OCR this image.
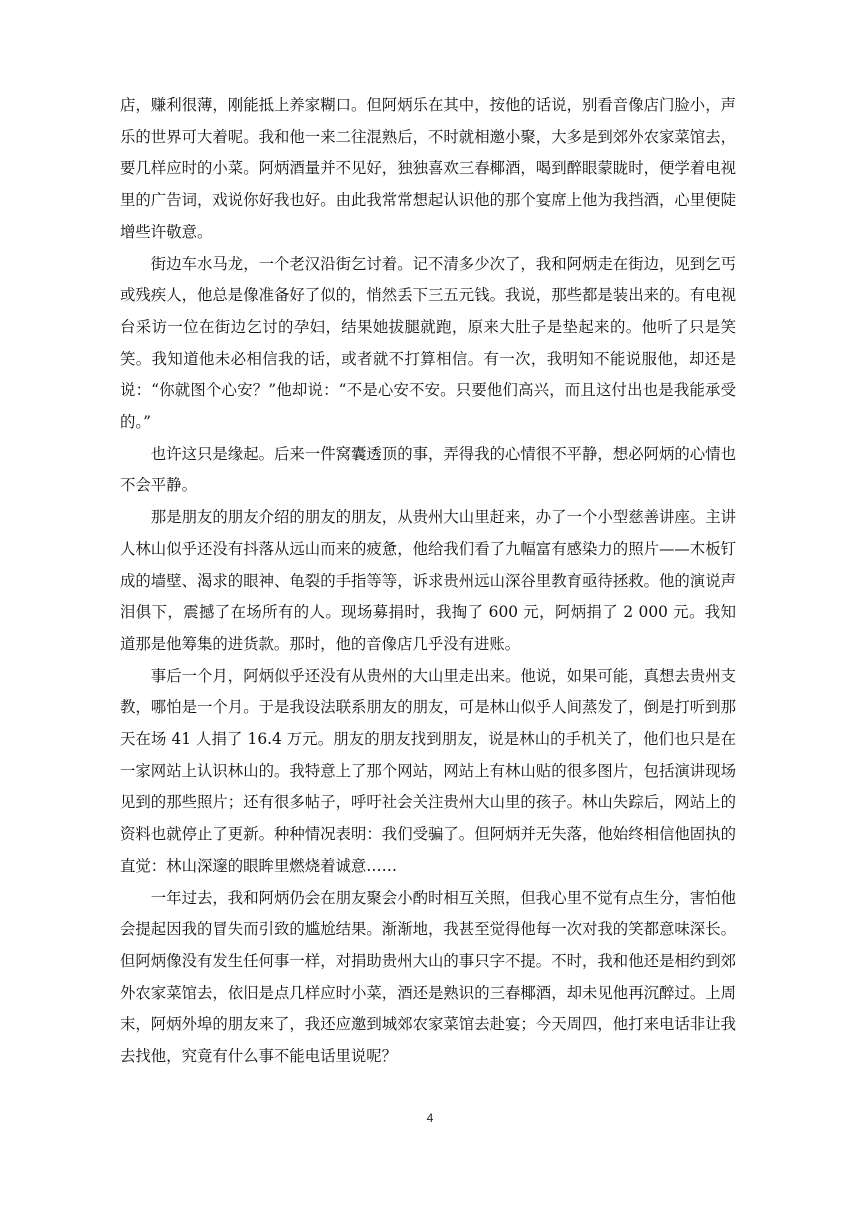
店，赚利很薄，刚能抵上养家糊口。但阿炳乐在其中，按他的话说，别看音像店门脸小，声乐的世界可大着呢。我和他一来二往混熟后，不时就相邀小聚，大多是到郊外农家菜馆去，要几样应时的小菜。阿炳酒量并不见好，独独喜欢三春椰酒，喝到醉眼蒙眬时，便学着电视里的广告词，戏说你好我也好。由此我常常想起认识他的那个宴席上他为我挡酒，心里便陡增些许敬意。

街边车水马龙，一个老汉沿街乞讨着。记不清多少次了，我和阿炳走在街边，见到乞丐或残疾人，他总是像准备好了似的，悄然丢下三五元钱。我说，那些都是装出来的。有电视台采访一位在街边乞讨的孕妇，结果她拔腿就跑，原来大肚子是垫起来的。他听了只是笑笑。我知道他未必相信我的话，或者就不打算相信。有一次，我明知不能说服他，却还是说：“你就图个心安？”他却说：“不是心安不安。只要他们高兴，而且这付出也是我能承受的。”

也许这只是缘起。后来一件窝囊透顶的事，弄得我的心情很不平静，想必阿炳的心情也不会平静。

那是朋友的朋友介绍的朋友的朋友，从贵州大山里赶来，办了一个小型慈善讲座。主讲人林山似乎还没有抖落从远山而来的疲惫，他给我们看了九幅富有感染力的照片——木板钉成的墙壁、渴求的眼神、龟裂的手指等等，诉求贵州远山深谷里教育亟待拯救。他的演说声泪俱下，震撼了在场所有的人。现场募捐时，我掏了 600 元，阿炳捐了 2 000 元。我知道那是他筹集的进货款。那时，他的音像店几乎没有进账。

事后一个月，阿炳似乎还没有从贵州的大山里走出来。他说，如果可能，真想去贵州支教，哪怕是一个月。于是我设法联系朋友的朋友，可是林山似乎人间蒸发了，倒是打听到那天在场 41 人捐了 16.4 万元。朋友的朋友找到朋友，说是林山的手机关了，他们也只是在一家网站上认识林山的。我特意上了那个网站，网站上有林山贴的很多图片，包括演讲现场见到的那些照片；还有很多帖子，呼吁社会关注贵州大山里的孩子。林山失踪后，网站上的资料也就停止了更新。种种情况表明：我们受骗了。但阿炳并无失落，他始终相信他固执的直觉：林山深邃的眼眸里燃烧着诚意……

一年过去，我和阿炳仍会在朋友聚会小酌时相互关照，但我心里不觉有点生分，害怕他会提起因我的冒失而引致的尴尬结果。渐渐地，我甚至觉得他每一次对我的笑都意味深长。但阿炳像没有发生任何事一样，对捐助贵州大山的事只字不提。不时，我和他还是相约到郊外农家菜馆去，依旧是点几样应时小菜，酒还是熟识的三春椰酒，却未见他再沉醉过。上周末，阿炳外埠的朋友来了，我还应邀到城郊农家菜馆去赴宴；今天周四，他打来电话非让我去找他，究竟有什么事不能电话里说呢？

4
